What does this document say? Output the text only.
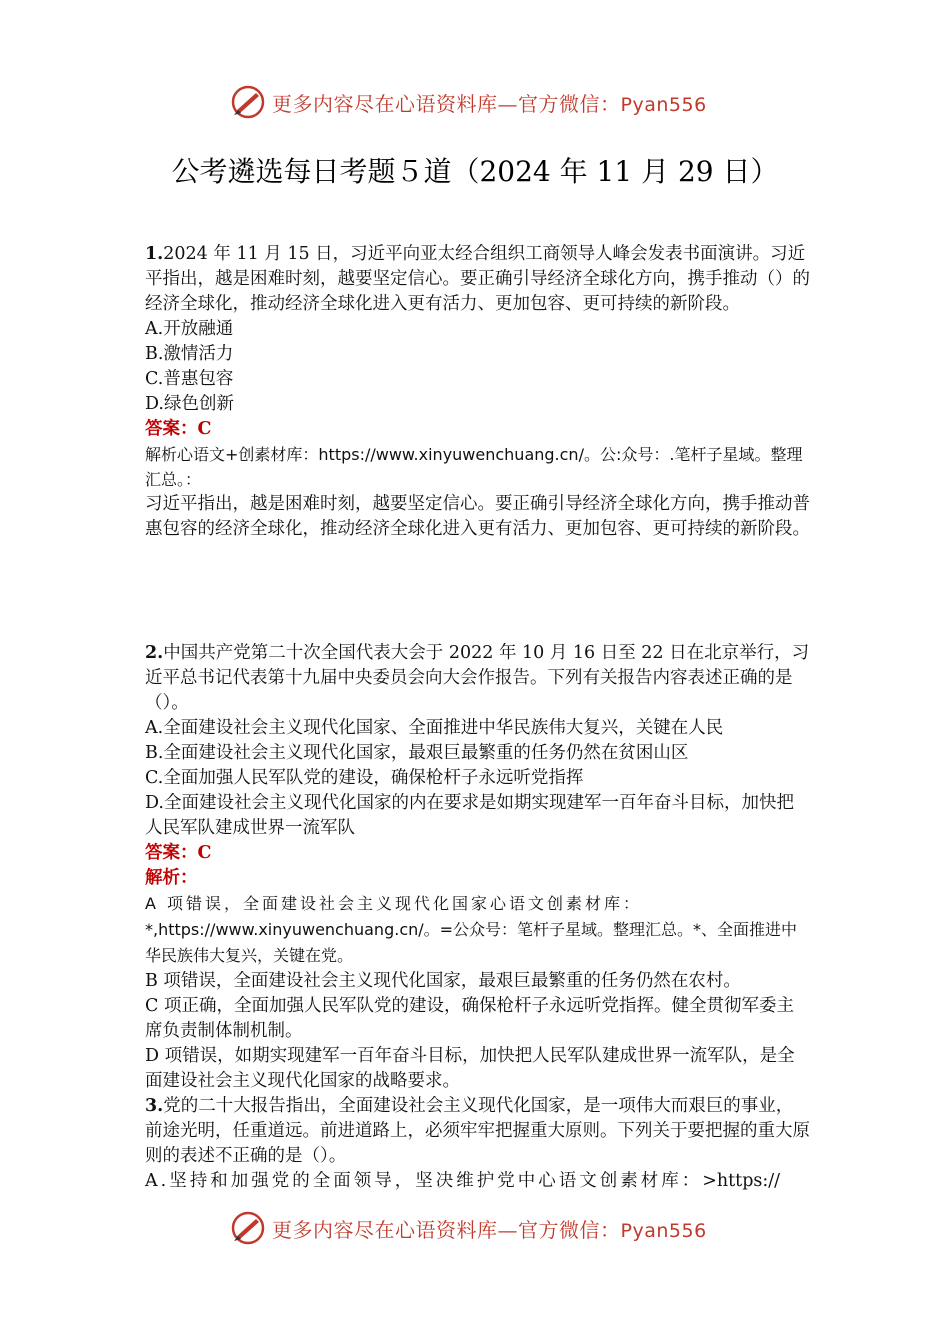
更多内容尽在心语资料库—官方微信：Pyan556
公考遴选每日考题５道（2024 年 11 月 29 日）

1.2024 年 11 月 15 日，习近平向亚太经合组织工商领导人峰会发表书面演讲。习近平指出，越是困难时刻，越要坚定信心。要正确引导经济全球化方向，携手推动（）的经济全球化，推动经济全球化进入更有活力、更加包容、更可持续的新阶段。

A.开放融通

B.激情活力

C.普惠包容

D.绿色创新

答案：C

解析心语文+创素材库：https://www.xinyuwenchuang.cn/。公:众号：.笔杆子星域。整理汇总。：

习近平指出，越是困难时刻，越要坚定信心。要正确引导经济全球化方向，携手推动普惠包容的经济全球化，推动经济全球化进入更有活力、更加包容、更可持续的新阶段。

2.中国共产党第二十次全国代表大会于 2022 年 10 月 16 日至 22 日在北京举行，习近平总书记代表第十九届中央委员会向大会作报告。下列有关报告内容表述正确的是（）。

A.全面建设社会主义现代化国家、全面推进中华民族伟大复兴，关键在人民

B.全面建设社会主义现代化国家，最艰巨最繁重的任务仍然在贫困山区

C.全面加强人民军队党的建设，确保枪杆子永远听党指挥

D.全面建设社会主义现代化国家的内在要求是如期实现建军一百年奋斗目标，加快把人民军队建成世界一流军队

答案：C

解析：

A 项错误，全面建设社会主义现代化国家心语文创素材库：*,https://www.xinyuwenchuang.cn/。=公众号：笔杆子星域。整理汇总。*、全面推进中华民族伟大复兴，关键在党。

B 项错误，全面建设社会主义现代化国家，最艰巨最繁重的任务仍然在农村。

C 项正确，全面加强人民军队党的建设，确保枪杆子永远听党指挥。健全贯彻军委主席负责制体制机制。

D 项错误，如期实现建军一百年奋斗目标，加快把人民军队建成世界一流军队，是全面建设社会主义现代化国家的战略要求。

3.党的二十大报告指出，全面建设社会主义现代化国家，是一项伟大而艰巨的事业，前途光明，任重道远。前进道路上，必须牢牢把握重大原则。下列关于要把握的重大原则的表述不正确的是（）。

A.坚持和加强党的全面领导，坚决维护党中心语文创素材库：>https://

更多内容尽在心语资料库—官方微信：Pyan556
